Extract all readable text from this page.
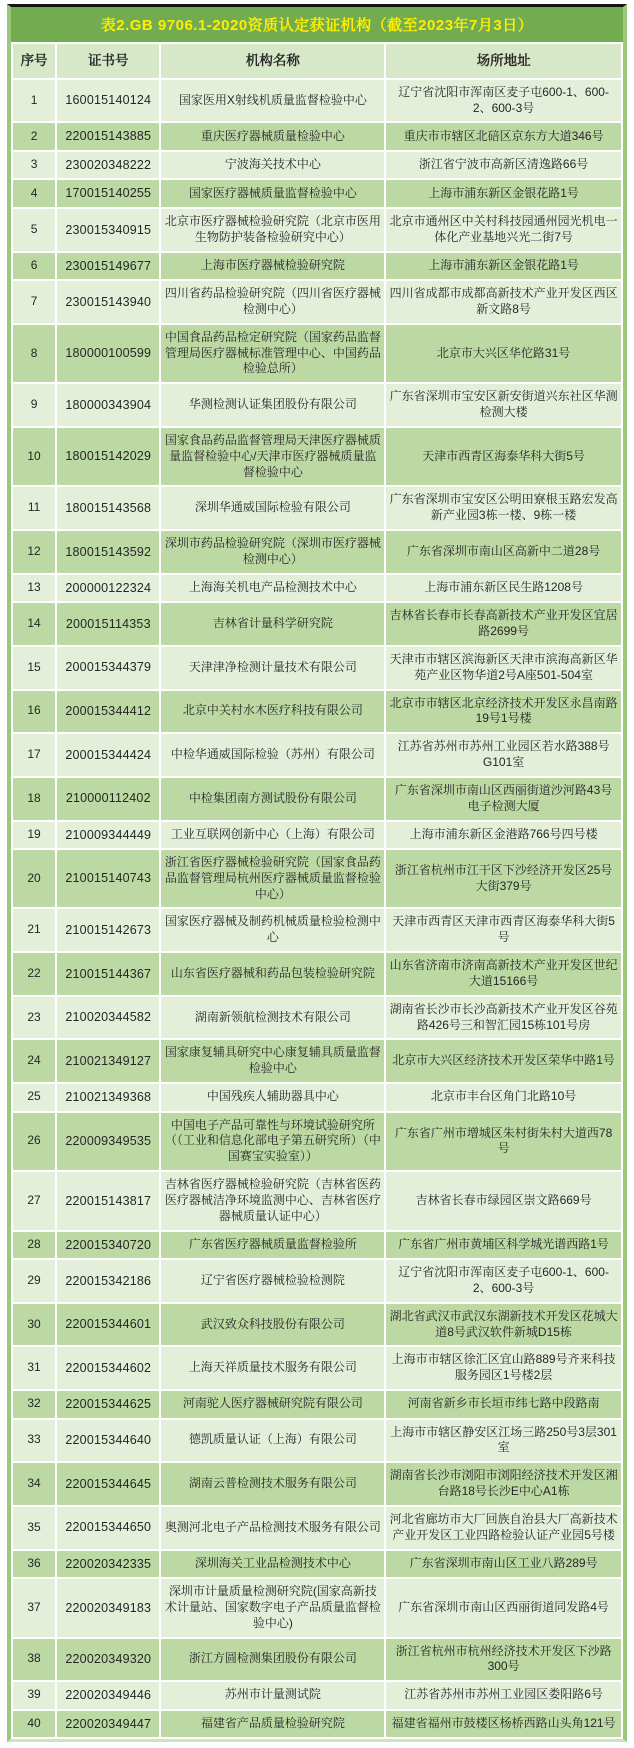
表2.GB 9706.1-2020资质认定获证机构（截至2023年7月3日）
序号	证书号	机构名称	场所地址
1	160015140124	国家医用X射线机质量监督检验中心	辽宁省沈阳市浑南区麦子屯600-1、600-2、600-3号
2	220015143885	重庆医疗器械质量检验中心	重庆市市辖区北碚区京东方大道346号
3	230020348222	宁波海关技术中心	浙江省宁波市高新区清逸路66号
4	170015140255	国家医疗器械质量监督检验中心	上海市浦东新区金银花路1号
5	230015340915	北京市医疗器械检验研究院（北京市医用生物防护装备检验研究中心）	北京市通州区中关村科技园通州园光机电一体化产业基地兴光二街7号
6	230015149677	上海市医疗器械检验研究院	上海市浦东新区金银花路1号
7	230015143940	四川省药品检验研究院（四川省医疗器械检测中心）	四川省成都市成都高新技术产业开发区西区新文路8号
8	180000100599	中国食品药品检定研究院（国家药品监督管理局医疗器械标准管理中心、中国药品检验总所）	北京市大兴区华佗路31号
9	180000343904	华测检测认证集团股份有限公司	广东省深圳市宝安区新安街道兴东社区华测检测大楼
10	180015142029	国家食品药品监督管理局天津医疗器械质量监督检验中心/天津市医疗器械质量监督检验中心	天津市西青区海泰华科大街5号
11	180015143568	深圳华通威国际检验有限公司	广东省深圳市宝安区公明田寮根玉路宏发高新产业园3栋一楼、9栋一楼
12	180015143592	深圳市药品检验研究院（深圳市医疗器械检测中心）	广东省深圳市南山区高新中二道28号
13	200000122324	上海海关机电产品检测技术中心	上海市浦东新区民生路1208号
14	200015114353	吉林省计量科学研究院	吉林省长春市长春高新技术产业开发区宜居路2699号
15	200015344379	天津津净检测计量技术有限公司	天津市市辖区滨海新区天津市滨海高新区华苑产业区物华道2号A座501-504室
16	200015344412	北京中关村水木医疗科技有限公司	北京市市辖区北京经济技术开发区永昌南路19号1号楼
17	200015344424	中检华通威国际检验（苏州）有限公司	江苏省苏州市苏州工业园区若水路388号G101室
18	210000112402	中检集团南方测试股份有限公司	广东省深圳市南山区西丽街道沙河路43号电子检测大厦
19	210009344449	工业互联网创新中心（上海）有限公司	上海市浦东新区金港路766号四号楼
20	210015140743	浙江省医疗器械检验研究院（国家食品药品监督管理局杭州医疗器械质量监督检验中心）	浙江省杭州市江干区下沙经济开发区25号大街379号
21	210015142673	国家医疗器械及制药机械质量检验检测中心	天津市西青区天津市西青区海泰华科大街5号
22	210015144367	山东省医疗器械和药品包装检验研究院	山东省济南市济南高新技术产业开发区世纪大道15166号
23	210020344582	湖南新领航检测技术有限公司	湖南省长沙市长沙高新技术产业开发区谷苑路426号三和智汇园15栋101号房
24	210021349127	国家康复辅具研究中心康复辅具质量监督检验中心	北京市大兴区经济技术开发区荣华中路1号
25	210021349368	中国残疾人辅助器具中心	北京市丰台区角门北路10号
26	220009349535	中国电子产品可靠性与环境试验研究所（（工业和信息化部电子第五研究所）（中国赛宝实验室））	广东省广州市增城区朱村街朱村大道西78号
27	220015143817	吉林省医疗器械检验研究院（吉林省医药医疗器械洁净环境监测中心、吉林省医疗器械质量认证中心）	吉林省长春市绿园区崇文路669号
28	220015340720	广东省医疗器械质量监督检验所	广东省广州市黄埔区科学城光谱西路1号
29	220015342186	辽宁省医疗器械检验检测院	辽宁省沈阳市浑南区麦子屯600-1、600-2、600-3号
30	220015344601	武汉致众科技股份有限公司	湖北省武汉市武汉东湖新技术开发区花城大道8号武汉软件新城D15栋
31	220015344602	上海天祥质量技术服务有限公司	上海市市辖区徐汇区宜山路889号齐来科技服务园区1号楼2层
32	220015344625	河南驼人医疗器械研究院有限公司	河南省新乡市长垣市纬七路中段路南
33	220015344640	德凯质量认证（上海）有限公司	上海市市辖区静安区江场三路250号3层301室
34	220015344645	湖南云普检测技术服务有限公司	湖南省长沙市浏阳市浏阳经济技术开发区湘台路18号长沙E中心A1栋
35	220015344650	奥测河北电子产品检测技术服务有限公司	河北省廊坊市大厂回族自治县大厂高新技术产业开发区工业四路检验认证产业园5号楼
36	220020342335	深圳海关工业品检测技术中心	广东省深圳市南山区工业八路289号
37	220020349183	深圳市计量质量检测研究院(国家高新技术计量站、国家数字电子产品质量监督检验中心)	广东省深圳市南山区西丽街道同发路4号
38	220020349320	浙江方圆检测集团股份有限公司	浙江省杭州市杭州经济技术开发区下沙路300号
39	220020349446	苏州市计量测试院	江苏省苏州市苏州工业园区娄阳路6号
40	220020349447	福建省产品质量检验研究院	福建省福州市鼓楼区杨桥西路山头角121号
